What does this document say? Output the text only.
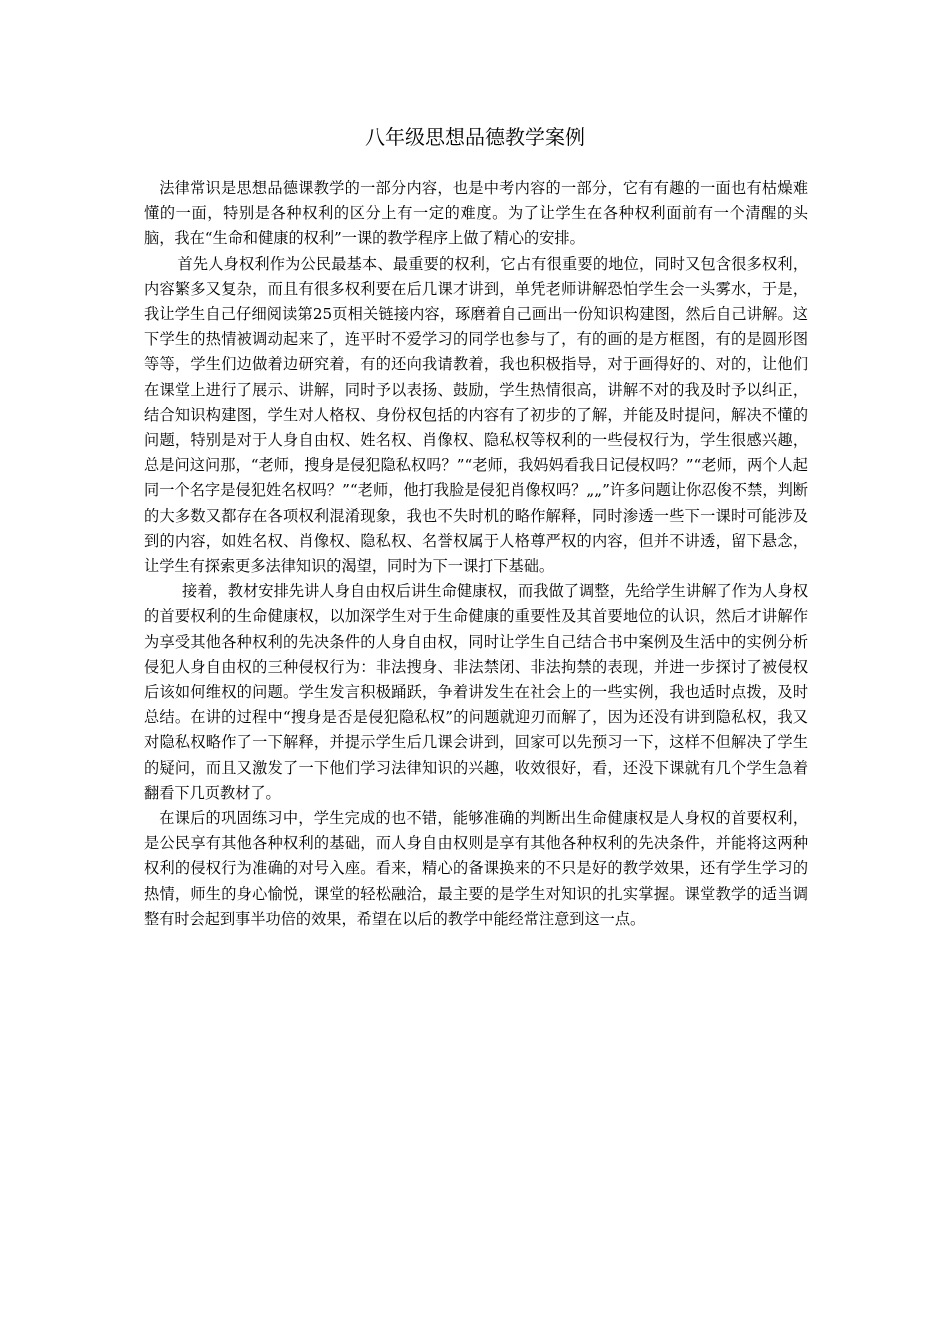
八年级思想品德教学案例

法律常识是思想品德课教学的一部分内容，也是中考内容的一部分，它有有趣的一面也有枯燥难懂的一面，特别是各种权利的区分上有一定的难度。为了让学生在各种权利面前有一个清醒的头脑，我在“生命和健康的权利”一课的教学程序上做了精心的安排。

首先人身权利作为公民最基本、最重要的权利，它占有很重要的地位，同时又包含很多权利，内容繁多又复杂，而且有很多权利要在后几课才讲到，单凭老师讲解恐怕学生会一头雾水，于是，我让学生自己仔细阅读第25页相关链接内容，琢磨着自己画出一份知识构建图，然后自己讲解。这下学生的热情被调动起来了，连平时不爱学习的同学也参与了，有的画的是方框图，有的是圆形图等等，学生们边做着边研究着，有的还向我请教着，我也积极指导，对于画得好的、对的，让他们在课堂上进行了展示、讲解，同时予以表扬、鼓励，学生热情很高，讲解不对的我及时予以纠正，结合知识构建图，学生对人格权、身份权包括的内容有了初步的了解，并能及时提问，解决不懂的问题，特别是对于人身自由权、姓名权、肖像权、隐私权等权利的一些侵权行为，学生很感兴趣，总是问这问那，“老师，搜身是侵犯隐私权吗？”“老师，我妈妈看我日记侵权吗？”“老师，两个人起同一个名字是侵犯姓名权吗？”“老师，他打我脸是侵犯肖像权吗？„„”许多问题让你忍俊不禁，判断的大多数又都存在各项权利混淆现象，我也不失时机的略作解释，同时渗透一些下一课时可能涉及到的内容，如姓名权、肖像权、隐私权、名誉权属于人格尊严权的内容，但并不讲透，留下悬念，让学生有探索更多法律知识的渴望，同时为下一课打下基础。

接着，教材安排先讲人身自由权后讲生命健康权，而我做了调整，先给学生讲解了作为人身权的首要权利的生命健康权，以加深学生对于生命健康的重要性及其首要地位的认识，然后才讲解作为享受其他各种权利的先决条件的人身自由权，同时让学生自己结合书中案例及生活中的实例分析侵犯人身自由权的三种侵权行为：非法搜身、非法禁闭、非法拘禁的表现，并进一步探讨了被侵权后该如何维权的问题。学生发言积极踊跃，争着讲发生在社会上的一些实例，我也适时点拨，及时总结。在讲的过程中“搜身是否是侵犯隐私权”的问题就迎刃而解了，因为还没有讲到隐私权，我又对隐私权略作了一下解释，并提示学生后几课会讲到，回家可以先预习一下，这样不但解决了学生的疑问，而且又激发了一下他们学习法律知识的兴趣，收效很好，看，还没下课就有几个学生急着翻看下几页教材了。

在课后的巩固练习中，学生完成的也不错，能够准确的判断出生命健康权是人身权的首要权利，是公民享有其他各种权利的基础，而人身自由权则是享有其他各种权利的先决条件，并能将这两种权利的侵权行为准确的对号入座。看来，精心的备课换来的不只是好的教学效果，还有学生学习的热情，师生的身心愉悦，课堂的轻松融洽，最主要的是学生对知识的扎实掌握。课堂教学的适当调整有时会起到事半功倍的效果，希望在以后的教学中能经常注意到这一点。
